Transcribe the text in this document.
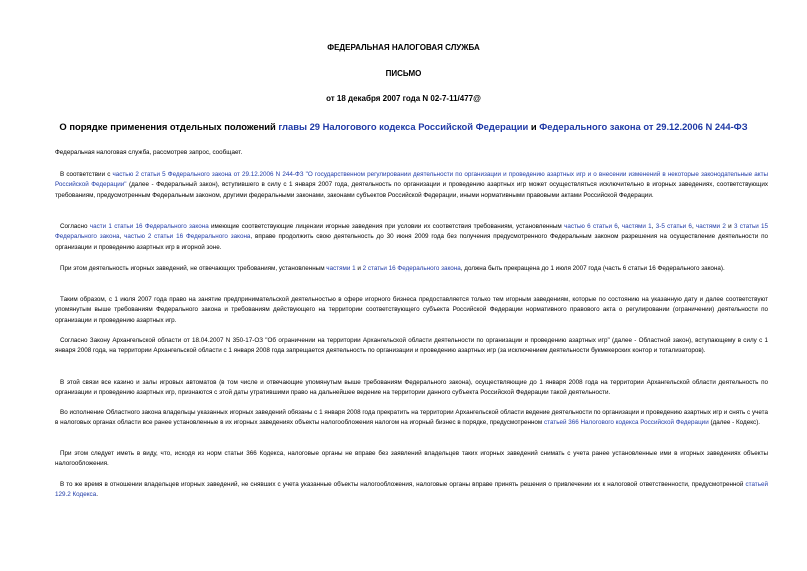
ФЕДЕРАЛЬНАЯ НАЛОГОВАЯ СЛУЖБА
ПИСЬМО
от 18 декабря 2007 года N 02-7-11/477@
О порядке применения отдельных положений главы 29 Налогового кодекса Российской Федерации и Федерального закона от 29.12.2006 N 244-ФЗ
Федеральная налоговая служба, рассмотрев запрос, сообщает.
В соответствии с частью 2 статьи 5 Федерального закона от 29.12.2006 N 244-ФЗ "О государственном регулировании деятельности по организации и проведению азартных игр и о внесении изменений в некоторые законодательные акты Российской Федерации" (далее - Федеральный закон), вступившего в силу с 1 января 2007 года, деятельность по организации и проведению азартных игр может осуществляться исключительно в игорных заведениях, соответствующих требованиям, предусмотренным Федеральным законом, другими федеральными законами, законами субъектов Российской Федерации, иными нормативными правовыми актами Российской Федерации.
Согласно части 1 статьи 16 Федерального закона имеющие соответствующие лицензии игорные заведения при условии их соответствия требованиям, установленным частью 6 статьи 6, частями 1, 3-5 статьи 6, частями 2 и 3 статьи 15 Федерального закона, частью 2 статьи 16 Федерального закона, вправе продолжить свою деятельность до 30 июня 2009 года без получения предусмотренного Федеральным законом разрешения на осуществление деятельности по организации и проведению азартных игр в игорной зоне.
При этом деятельность игорных заведений, не отвечающих требованиям, установленным частями 1 и 2 статьи 16 Федерального закона, должна быть прекращена до 1 июля 2007 года (часть 6 статьи 16 Федерального закона).
Таким образом, с 1 июля 2007 года право на занятие предпринимательской деятельностью в сфере игорного бизнеса предоставляется только тем игорным заведениям, которые по состоянию на указанную дату и далее соответствуют упомянутым выше требованиям Федерального закона и требованиям действующего на территории соответствующего субъекта Российской Федерации нормативного правового акта о регулировании (ограничении) деятельности по организации и проведению азартных игр.
Согласно Закону Архангельской области от 18.04.2007 N 350-17-ОЗ "Об ограничении на территории Архангельской области деятельности по организации и проведению азартных игр" (далее - Областной закон), вступающему в силу с 1 января 2008 года, на территории Архангельской области с 1 января 2008 года запрещается деятельность по организации и проведению азартных игр (за исключением деятельности букмекерских контор и тотализаторов).
В этой связи все казино и залы игровых автоматов (в том числе и отвечающие упомянутым выше требованиям Федерального закона), осуществляющие до 1 января 2008 года на территории Архангельской области деятельность по организации и проведению азартных игр, признаются с этой даты утратившими право на дальнейшее ведение на территории данного субъекта Российской Федерации такой деятельности.
Во исполнение Областного закона владельцы указанных игорных заведений обязаны с 1 января 2008 года прекратить на территории Архангельской области ведение деятельности по организации и проведению азартных игр и снять с учета в налоговых органах области все ранее установленные в их игорных заведениях объекты налогообложения налогом на игорный бизнес в порядке, предусмотренном статьей 366 Налогового кодекса Российской Федерации (далее - Кодекс).
При этом следует иметь в виду, что, исходя из норм статьи 366 Кодекса, налоговые органы не вправе без заявлений владельцев таких игорных заведений снимать с учета ранее установленные ими в игорных заведениях объекты налогообложения.
В то же время в отношении владельцев игорных заведений, не снявших с учета указанные объекты налогообложения, налоговые органы вправе принять решения о привлечении их к налоговой ответственности, предусмотренной статьей 129.2 Кодекса.
